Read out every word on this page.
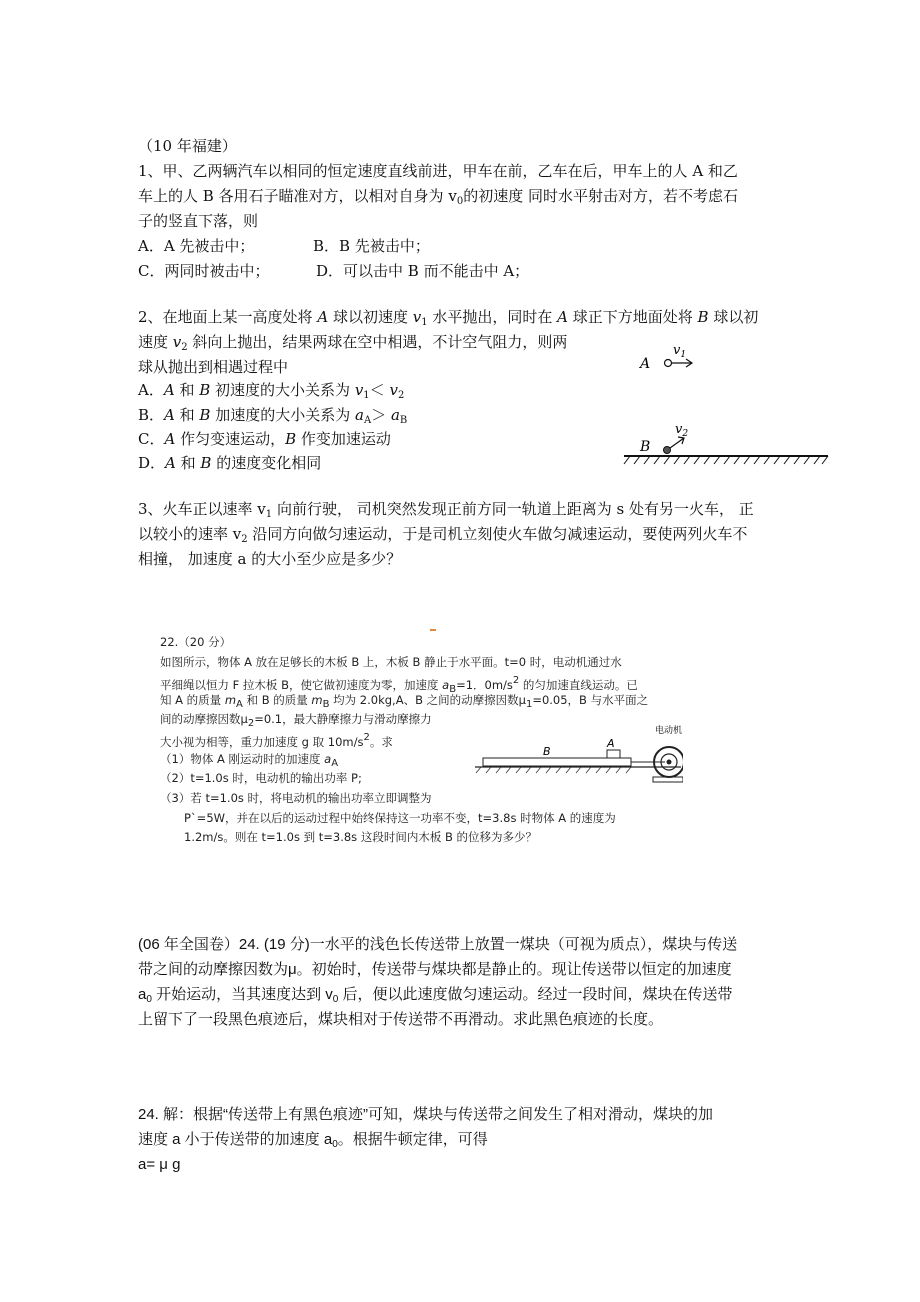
（10 年福建）
1、甲、乙两辆汽车以相同的恒定速度直线前进，甲车在前，乙车在后，甲车上的人 A 和乙
车上的人 B 各用石子瞄准对方，以相对自身为 $v_0$的初速度 同时水平射击对方，若不考虑石
子的竖直下落，则
A．A 先被击中；	B．B 先被击中；
C．两同时被击中；	D．可以击中 B 而不能击中 A；
2、在地面上某一高度处将 A 球以初速度 $v_1$ 水平抛出，同时在 A 球正下方地面处将 B 球以初
速度 $v_2$ 斜向上抛出，结果两球在空中相遇，不计空气阻力，则两
球从抛出到相遇过程中
A．A 和 B 初速度的大小关系为 $v_1< v_2$
B．A 和 B 加速度的大小关系为 $a_A> a_B$
C．A 作匀变速运动，B 作变加速运动
D．A 和 B 的速度变化相同
A
$v_1$
B
$v_2$
3、火车正以速率 $v_1$ 向前行驶， 司机突然发现正前方同一轨道上距离为 s 处有另一火车， 正
以较小的速率 $v_2$ 沿同方向做匀速运动，于是司机立刻使火车做匀减速运动，要使两列火车不
相撞， 加速度 a 的大小至少应是多少？
22.（20 分）
如图所示，物体 A 放在足够长的木板 B 上，木板 B 静止于水平面。t=0 时，电动机通过水
平细绳以恒力 F 拉木板 B，使它做初速度为零，加速度 $a_B=1$．$0m/s^2$ 的匀加速直线运动。已
知 A 的质量 $m_A$ 和 B 的质量 $m_B$ 均为 2.0kg,A、B 之间的动摩擦因数$\mu_1=0.05$，B 与水平面之
间的动摩擦因数$\mu_2=0.1$，最大静摩擦力与滑动摩擦力
大小视为相等，重力加速度 g 取 $10m/s^2$。求
（1）物体 A 刚运动时的加速度 $a_A$
（2）t=1.0s 时，电动机的输出功率 P;
（3）若 t=1.0s 时，将电动机的输出功率立即调整为
P`=5W，并在以后的运动过程中始终保持这一功率不变，t=3.8s 时物体 A 的速度为
1.2m/s。则在 t=1.0s 到 t=3.8s 这段时间内木板 B 的位移为多少？
B
A
电动机
(06 年全国卷）24. (19 分)一水平的浅色长传送带上放置一煤块（可视为质点），煤块与传送
带之间的动摩擦因数为μ。初始时，传送带与煤块都是静止的。现让传送带以恒定的加速度
$a_0$ 开始运动，当其速度达到 $v_0$ 后，便以此速度做匀速运动。经过一段时间，煤块在传送带
上留下了一段黑色痕迹后，煤块相对于传送带不再滑动。求此黑色痕迹的长度。
24. 解：根据“传送带上有黑色痕迹”可知，煤块与传送带之间发生了相对滑动，煤块的加
速度 a 小于传送带的加速度 $a_0$。根据牛顿定律，可得
a= μ g
